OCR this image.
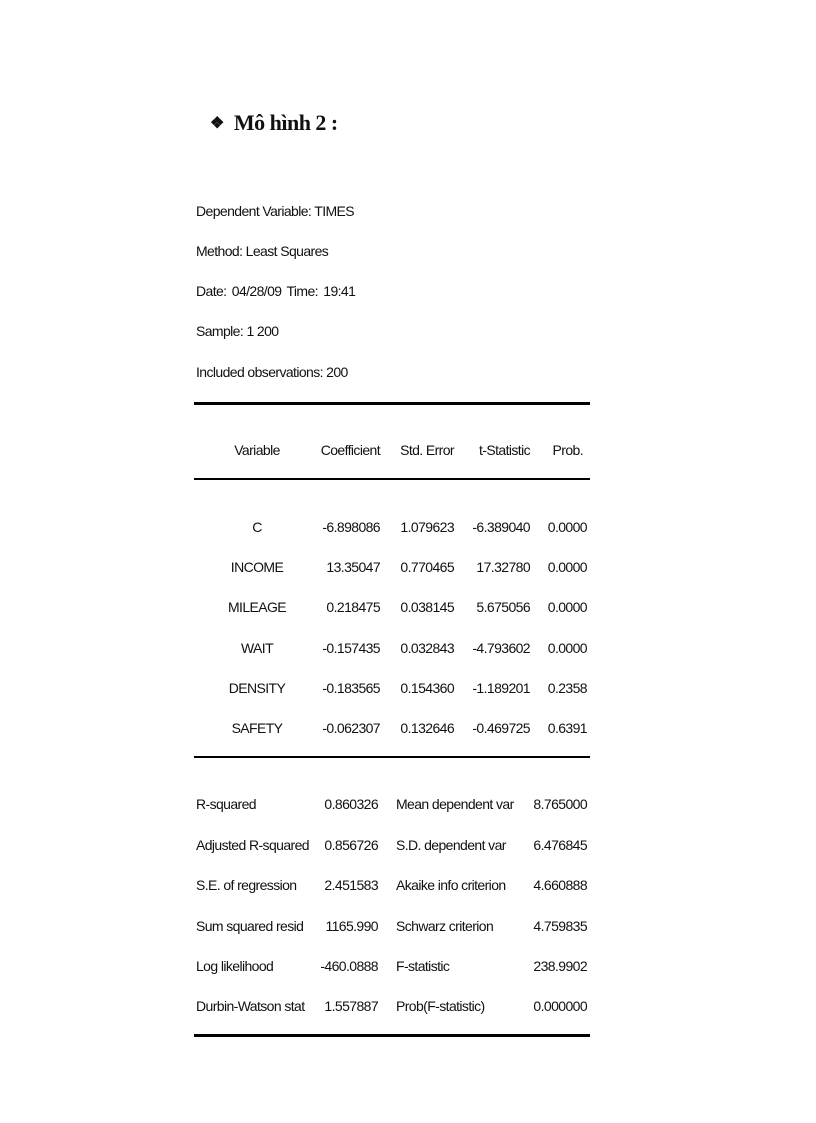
❖ Mô hình 2 :
Dependent Variable: TIMES
Method: Least Squares
Date: 04/28/09 Time: 19:41
Sample: 1 200
Included observations: 200
Variable	Coefficient	Std. Error	t-Statistic	Prob.
C	-6.898086	1.079623	-6.389040	0.0000
INCOME	13.35047	0.770465	17.32780	0.0000
MILEAGE	0.218475	0.038145	5.675056	0.0000
WAIT	-0.157435	0.032843	-4.793602	0.0000
DENSITY	-0.183565	0.154360	-1.189201	0.2358
SAFETY	-0.062307	0.132646	-0.469725	0.6391
R-squared	0.860326 Mean dependent var	8.765000
Adjusted R-squared	0.856726 S.D. dependent var	6.476845
S.E. of regression	2.451583 Akaike info criterion	4.660888
Sum squared resid	1165.990 Schwarz criterion	4.759835
Log likelihood	-460.0888 F-statistic	238.9902
Durbin-Watson stat	1.557887 Prob(F-statistic)	0.000000
